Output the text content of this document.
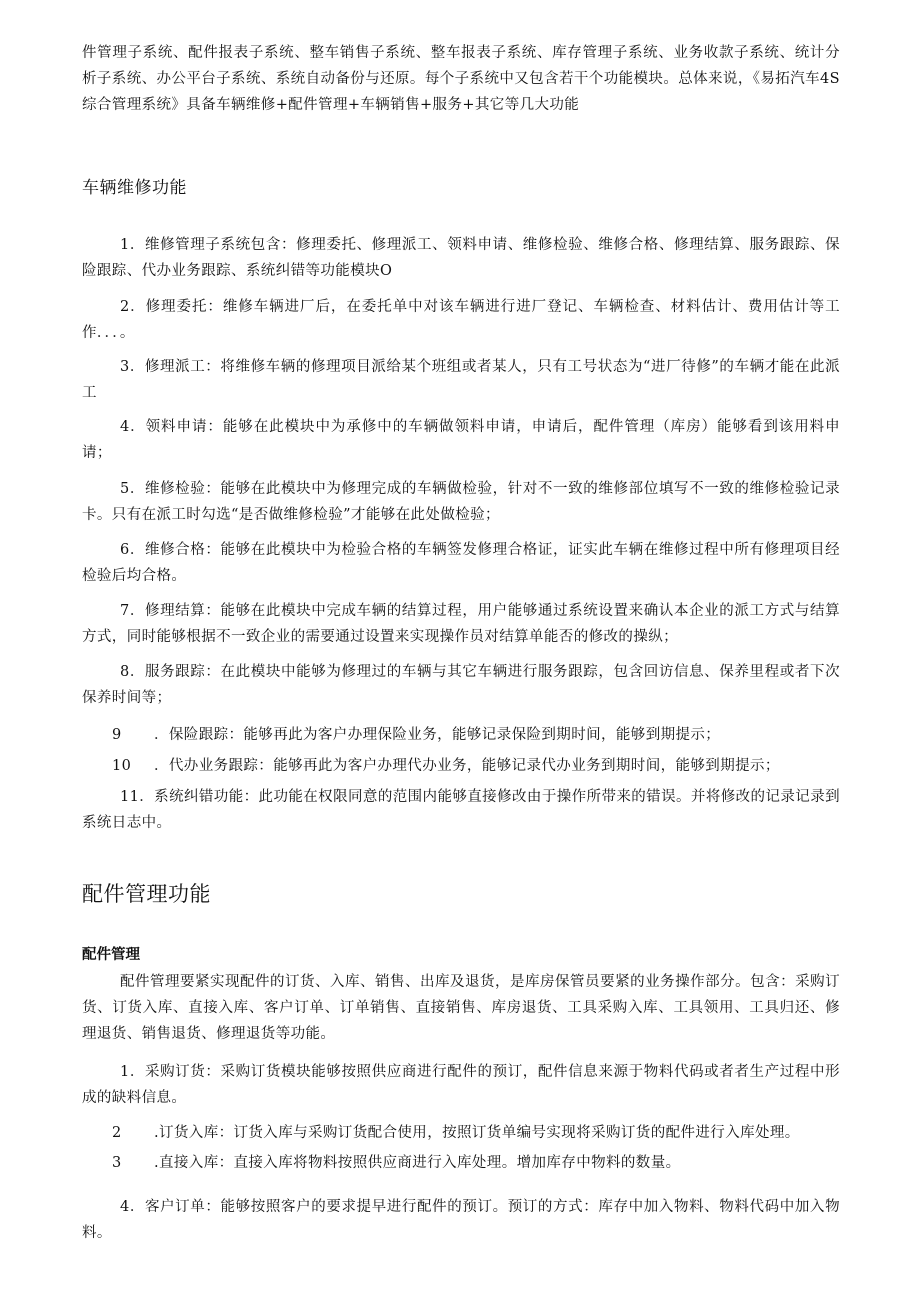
件管理子系统、配件报表子系统、整车销售子系统、整车报表子系统、库存管理子系统、业务收款子系统、统计分析子系统、办公平台子系统、系统自动备份与还原。每个子系统中又包含若干个功能模块。总体来说，《易拓汽车4S综合管理系统》具备车辆维修+配件管理+车辆销售+服务+其它等几大功能

车辆维修功能

1．维修管理子系统包含：修理委托、修理派工、领料申请、维修检验、维修合格、修理结算、服务跟踪、保险跟踪、代办业务跟踪、系统纠错等功能模块O

2．修理委托：维修车辆进厂后，在委托单中对该车辆进行进厂登记、车辆检查、材料估计、费用估计等工作．．．。

3．修理派工：将维修车辆的修理项目派给某个班组或者某人，只有工号状态为“进厂待修”的车辆才能在此派工

4．领料申请：能够在此模块中为承修中的车辆做领料申请，申请后，配件管理（库房）能够看到该用料申请；

5．维修检验：能够在此模块中为修理完成的车辆做检验，针对不一致的维修部位填写不一致的维修检验记录卡。只有在派工时勾选“是否做维修检验”才能够在此处做检验；

6．维修合格：能够在此模块中为检验合格的车辆签发修理合格证，证实此车辆在维修过程中所有修理项目经检验后均合格。

7．修理结算：能够在此模块中完成车辆的结算过程，用户能够通过系统设置来确认本企业的派工方式与结算方式，同时能够根据不一致企业的需要通过设置来实现操作员对结算单能否的修改的操纵；

8．服务跟踪：在此模块中能够为修理过的车辆与其它车辆进行服务跟踪，包含回访信息、保养里程或者下次保养时间等；

9 ．保险跟踪：能够再此为客户办理保险业务，能够记录保险到期时间，能够到期提示；
10 ．代办业务跟踪：能够再此为客户办理代办业务，能够记录代办业务到期时间，能够到期提示；

11．系统纠错功能：此功能在权限同意的范围内能够直接修改由于操作所带来的错误。并将修改的记录记录到系统日志中。

配件管理功能
配件管理

配件管理要紧实现配件的订货、入库、销售、出库及退货，是库房保管员要紧的业务操作部分。包含：采购订货、订货入库、直接入库、客户订单、订单销售、直接销售、库房退货、工具采购入库、工具领用、工具归还、修理退货、销售退货、修理退货等功能。

1．采购订货：采购订货模块能够按照供应商进行配件的预订，配件信息来源于物料代码或者者生产过程中形成的缺料信息。

2 .订货入库：订货入库与采购订货配合使用，按照订货单编号实现将采购订货的配件进行入库处理。
3 .直接入库：直接入库将物料按照供应商进行入库处理。增加库存中物料的数量。

4．客户订单：能够按照客户的要求提早进行配件的预订。预订的方式：库存中加入物料、物料代码中加入物料。
